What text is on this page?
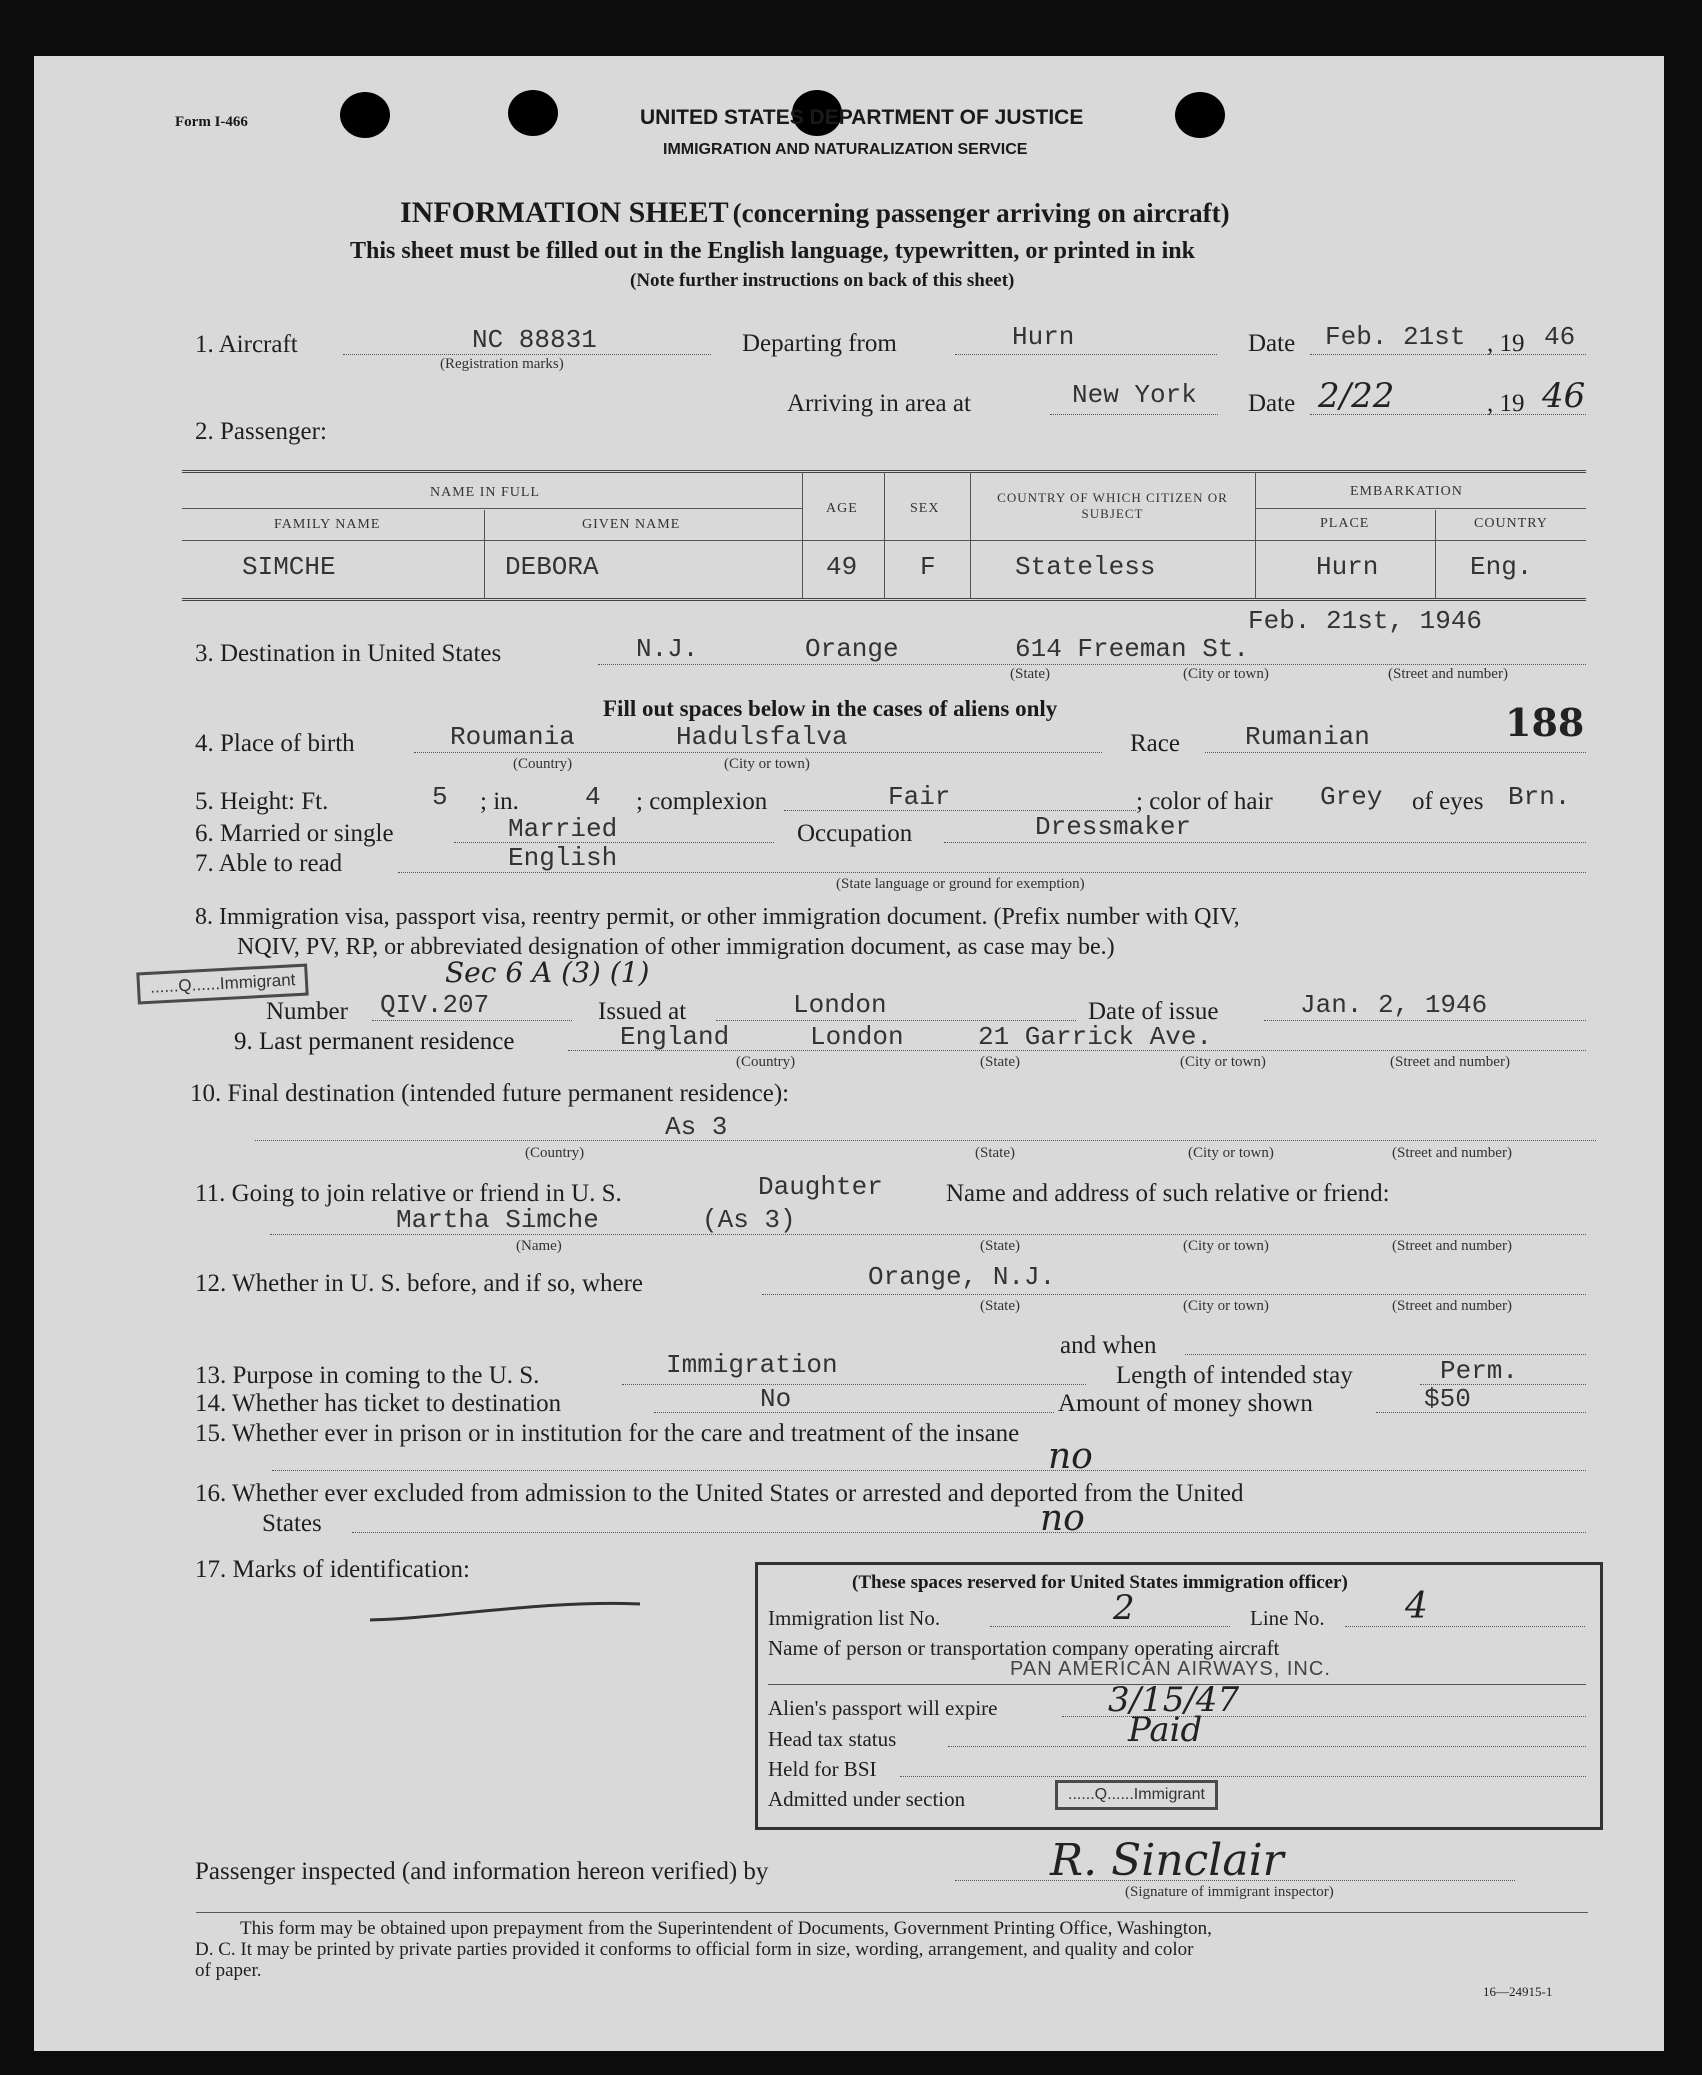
Form I-466	UNITED STATES DEPARTMENT OF JUSTICE
IMMIGRATION AND NATURALIZATION SERVICE
INFORMATION SHEET (concerning passenger arriving on aircraft)
This sheet must be filled out in the English language, typewritten, or printed in ink
(Note further instructions on back of this sheet)
1. Aircraft	NC 88831
(Registration marks)
Departing from	Hurn	Date Feb. 21st , 19 46
Arriving in area at	New York Date 2/22	, 19 46
2. Passenger:
NAME IN FULL
FAMILY NAME	GIVEN NAME
AGE	SEX
COUNTRY OF WHICH CITIZEN OR SUBJECT
EMBARKATION
PLACE	COUNTRY
SIMCHE	DEBORA	49 F	Stateless	Hurn	Eng.
Feb. 21st, 1946
3. Destination in United States	N.J.	Orange	614 Freeman St.
(State)	(City or town)	(Street and number)
Fill out spaces below in the cases of aliens only
4. Place of birth	Roumania	Hadulsfalva
(Country)	(City or town)
Race	Rumanian	188
5. Height: Ft.	5 ; in.	4 ; complexion	Fair	; color of hair Grey of eyes Brn.
6. Married or single	Married	Occupation	Dressmaker
7. Able to read	English
(State language or ground for exemption)
8. Immigration visa, passport visa, reentry permit, or other immigration document. (Prefix number with QIV,
NQIV, PV, RP, or abbreviated designation of other immigration document, as case may be.)
......Q......Immigrant	Sec 6 A (3) (1)
Number QIV.207	Issued at	London	Date of issue	Jan. 2, 1946
9. Last permanent residence	England	London	21 Garrick Ave.
(Country)	(State)	(City or town)	(Street and number)
10. Final destination (intended future permanent residence):
As 3
(Country)	(State)	(City or town)	(Street and number)
11. Going to join relative or friend in U. S.	Daughter	Name and address of such relative or friend:
Martha Simche	(As 3)
(Name)	(State)	(City or town)	(Street and number)
12. Whether in U. S. before, and if so, where	Orange, N.J.
(State)	(City or town)	(Street and number)
and when
13. Purpose in coming to the U. S.	Immigration	Length of intended stay	Perm.
14. Whether has ticket to destination	No	Amount of money shown	$50
15. Whether ever in prison or in institution for the care and treatment of the insane
no
16. Whether ever excluded from admission to the United States or arrested and deported from the United
States	no
17. Marks of identification:	(These spaces reserved for United States immigration officer)
Immigration list No.	2	Line No. 4
Name of person or transportation company operating aircraft
PAN AMERICAN AIRWAYS, INC.
Alien's passport will expire	3/15/47
Head tax status	Paid
Held for BSI
Admitted under section	......Q......Immigrant
Passenger inspected (and information hereon verified) by	R. Sinclair
(Signature of immigrant inspector)
This form may be obtained upon prepayment from the Superintendent of Documents, Government Printing Office, Washington,
D. C. It may be printed by private parties provided it conforms to official form in size, wording, arrangement, and quality and color
of paper.
16—24915-1
